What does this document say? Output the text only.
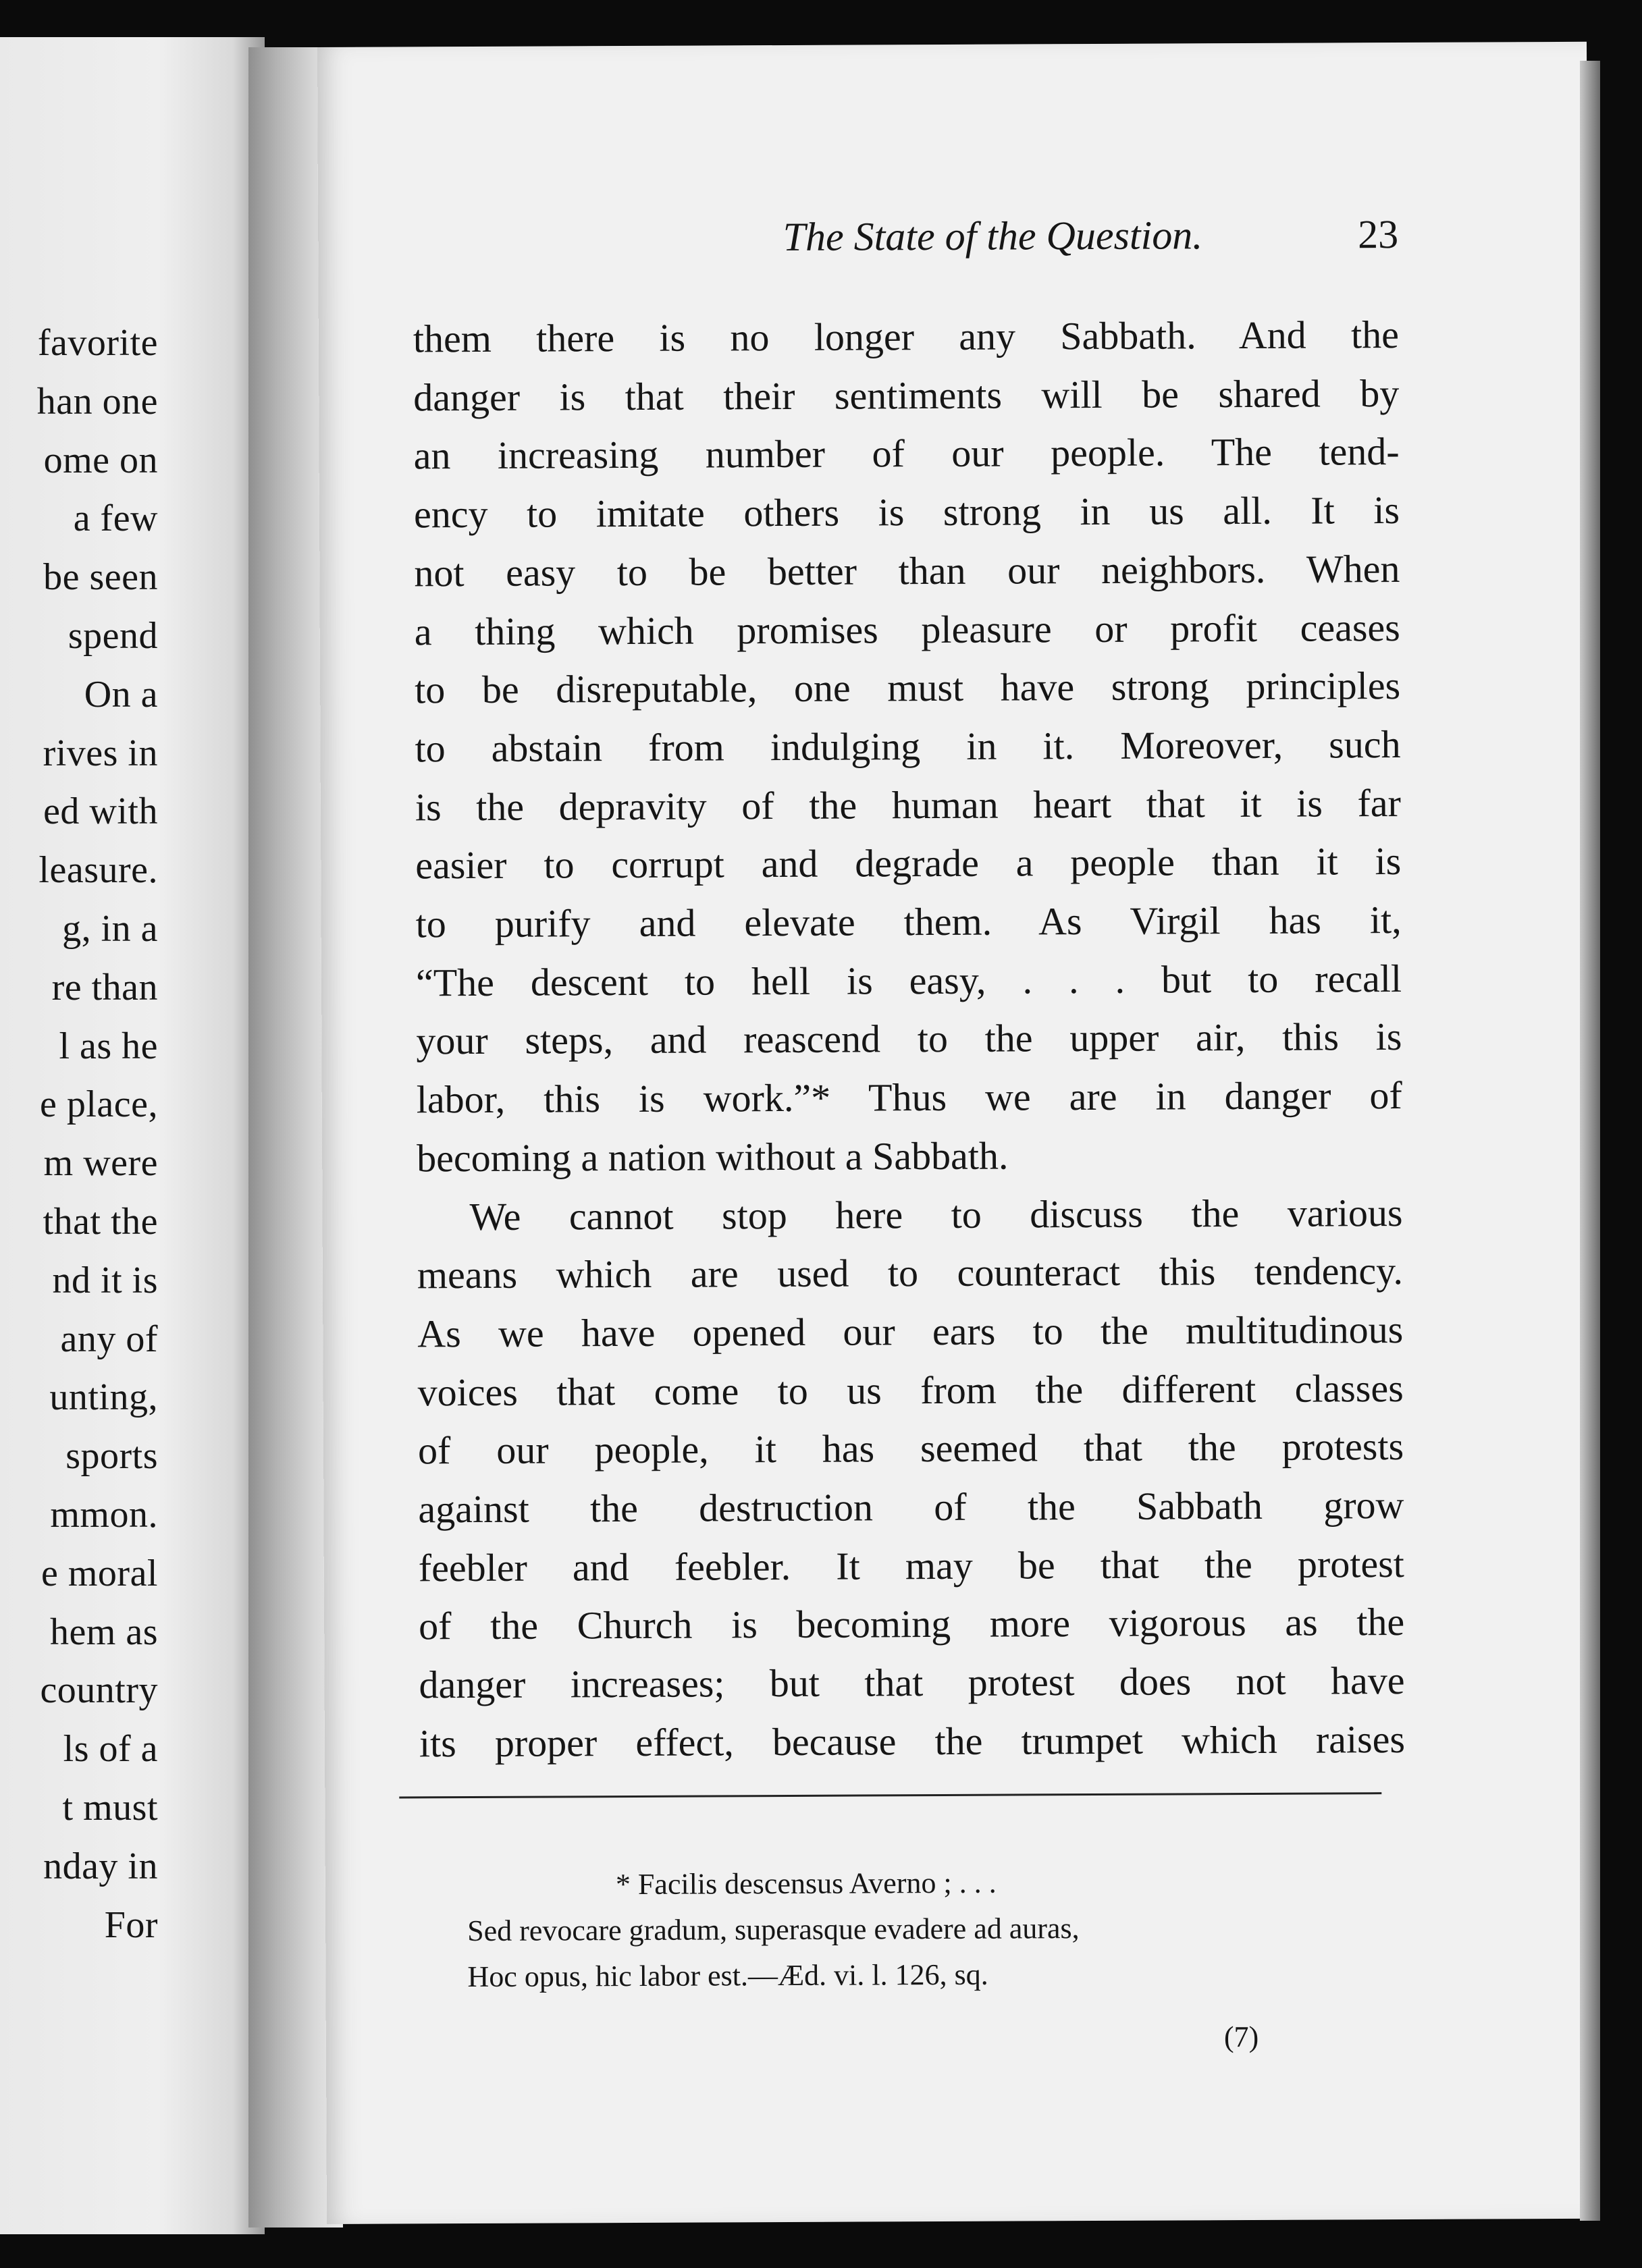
favorite
han one
ome on
a few
be seen
spend
On a
rives in
ed with
leasure.
g, in a
re than
l as he
e place,
m were
that the
nd it is
any of
unting,
sports
mmon.
e moral
hem as
country
ls of a
t must
nday in
For
The State of the Question.	23
them there is no longer any Sabbath. And the
danger is that their sentiments will be shared by
an increasing number of our people. The tend-
ency to imitate others is strong in us all. It is
not easy to be better than our neighbors. When
a thing which promises pleasure or profit ceases
to be disreputable, one must have strong principles
to abstain from indulging in it. Moreover, such
is the depravity of the human heart that it is far
easier to corrupt and degrade a people than it is
to purify and elevate them. As Virgil has it,
“The descent to hell is easy, . . . but to recall
your steps, and reascend to the upper air, this is
labor, this is work.”* Thus we are in danger of
becoming a nation without a Sabbath.
We cannot stop here to discuss the various
means which are used to counteract this tendency.
As we have opened our ears to the multitudinous
voices that come to us from the different classes
of our people, it has seemed that the protests
against the destruction of the Sabbath grow
feebler and feebler. It may be that the protest
of the Church is becoming more vigorous as the
danger increases; but that protest does not have
its proper effect, because the trumpet which raises
* Facilis descensus Averno ; . . .
Sed revocare gradum, superasque evadere ad auras,
Hoc opus, hic labor est.—Æd. vi. l. 126, sq.
(7)
